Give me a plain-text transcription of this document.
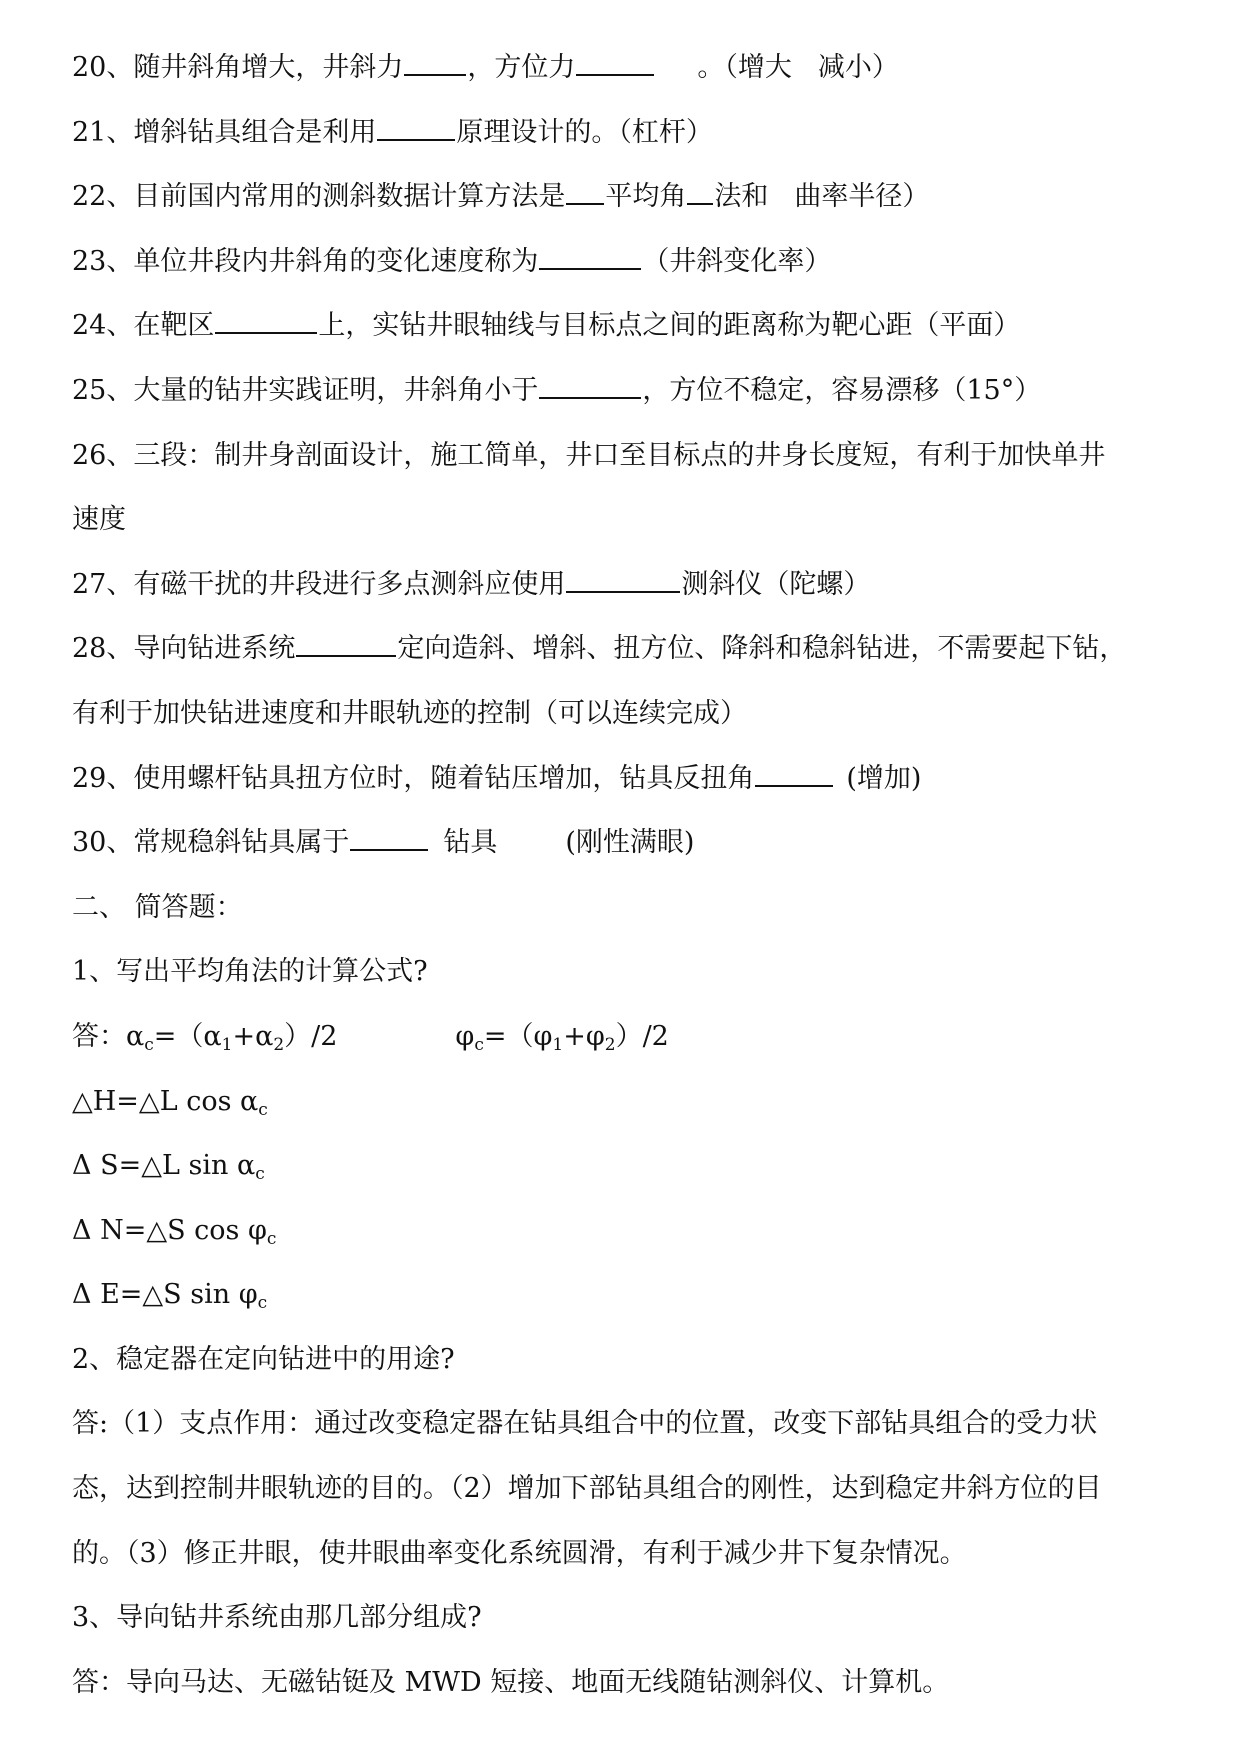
20、随井斜角增大，井斜力 ，方位力	。（增大 减小）
21、增斜钻具组合是利用	原理设计的。（杠杆）
22、目前国内常用的测斜数据计算方法是 平均角 法和 曲率半径）
23、单位井段内井斜角的变化速度称为	（井斜变化率）
24、在靶区	上，实钻井眼轴线与目标点之间的距离称为靶心距（平面）
25、大量的钻井实践证明，井斜角小于	，方位不稳定，容易漂移（15°）
26、三段：制井身剖面设计，施工简单，井口至目标点的井身长度短，有利于加快单井
速度
27、有磁干扰的井段进行多点测斜应使用	测斜仪（陀螺）
28、导向钻进系统	定向造斜、增斜、扭方位、降斜和稳斜钻进，不需要起下钻，
有利于加快钻进速度和井眼轨迹的控制（可以连续完成）
29、使用螺杆钻具扭方位时，随着钻压增加，钻具反扭角	(增加)
30、常规稳斜钻具属于	钻具	(刚性满眼)
二、 简答题：
1、写出平均角法的计算公式?
答：$\alpha_c=(\alpha_1+\alpha_2)/2$	$\varphi_c=(\varphi_1+\varphi_2)/2$
△H=△L $\cos \alpha_c$
Δ S=△L $\sin \alpha_c$
Δ N=△S $\cos \varphi_c$
Δ E=△S $\sin \varphi_c$
2、稳定器在定向钻进中的用途?
答:（1）支点作用：通过改变稳定器在钻具组合中的位置，改变下部钻具组合的受力状
态，达到控制井眼轨迹的目的。（2）增加下部钻具组合的刚性，达到稳定井斜方位的目
的。（3）修正井眼，使井眼曲率变化系统圆滑，有利于减少井下复杂情况。
3、导向钻井系统由那几部分组成?
答：导向马达、无磁钻铤及 MWD 短接、地面无线随钻测斜仪、计算机。
